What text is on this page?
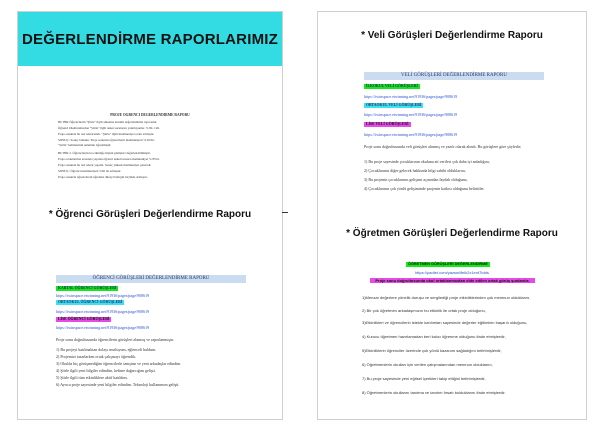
DEĞERLENDİRME RAPORLARIMIZ
PROJE ÖĞRENCİ DEĞERLENDİRME RAPORU
BU BİR Öğrencilerin "Şiirle" ilgili anketine katılım değerlendirme raporudur.
Öğrenci Okullarımızdan "Şiirle" ilgili anket sorularını yanıtlayanlar. % 82,1 idi.
Proje sonunda bu test tekrarlandı. "Şiirle" ilgili memnuniyet oranı artmıştır.
SONUÇ: Sonuç bulunur. Proje sonunda öğrencilerin memnuniyeti % 92'dir.
"Şiirle" kelimesinin anlamını öğrenmiştir.
BU BİR 2. Öğrencilerin bu etkinliğe ilişkin görüşleri değerlendirilmiştir.
Proje ortaklarımız arasında yapılan öğrenci anketi sonucu memnuniyet % 85'tir.
Proje sonunda bu test tekrar yapıldı. Sonuç yüksek memnuniyet gösterdi.
SONUÇ: Öğrenci memnuniyeti %92 ile artmıştır.
Proje sonunda öğrencilerin öğrenme düzeyi belirgin biçimde artmıştır.
* Öğrenci Görüşleri Değerlendirme Raporu
ÖĞRENCİ GÖRÜŞLERİ DEĞERLENDİRME RAPORU
KARTAL ÖĞRENCİ GÖRÜŞLERİ
https://twinspace.etwinning.net/91936/pages/page/908619
ORTAOKUL ÖĞRENCİ GÖRÜŞLERİ
https://twinspace.etwinning.net/91936/pages/page/908619
LİSE ÖĞRENCİ GÖRÜŞLERİ
https://twinspace.etwinning.net/91936/pages/page/908619
Proje sonu doğrultusunda öğrencilerin görüşleri alınmış ve raporlanmıştır.
1) Bu projeyi katılmaktan dolayı mutluyum, eğlenceli buldum.
2) Projemizi tasarlarken ortak çalışmayı öğrendik.
3) Okulda hiç görüşmediğim öğrencilerle tanıştım ve yeni arkadaşlar edindim.
4) Şiirle ilgili yeni bilgiler edindim, kelime dağarcığım gelişti.
5) Şiirle ilgili tüm etkinliklere aktif katıldım.
6) Ayrıca proje sayesinde yeni bilgiler edindim. Teknoloji kullanımım gelişti.
* Veli Görüşleri Değerlendirme Raporu
VELİ GÖRÜŞLERİ DEĞERLENDİRME RAPORU
İLKOKUL VELİ GÖRÜŞLERİ
https://twinspace.etwinning.net/91936/pages/page/908619
ORTAOKUL VELİ GÖRÜŞLERİ
https://twinspace.etwinning.net/91936/pages/page/908619
LİSE VELİ GÖRÜŞLERİ
https://twinspace.etwinning.net/91936/pages/page/908619
Proje sonu doğrultusunda veli görüşleri alınmış ve yazılı olarak alındı. Bu görüşlere göre şöyledir;
1) Bu proje sayesinde çocuklarının okuluna ait verileri çok daha iyi anladığını,
2) Çocuklarının diğer gelecek hakkında bilgi sahibi olduklarını,
3) Bu projenin çocuklarının gelişimi açısından faydalı olduğunu,
4) Çocuklarının çok yönlü gelişiminde projenin katkısı olduğunu belirttiler.
* Öğretmen Görüşleri Değerlendirme Raporu
ÖĞRETMEN GÖRÜŞLERİ DEĞERLENDİRME
https://padlet.com/yazsw/lfelk2x1ent7tdds
Proje sonu doğrultusunda okul ortaklarımızdan elde edilen ortak görüş şunlardır;
1)Menzar değerlere yönelik duruşu ve sergilediği proje etkinliklerinden çok memnun olduklarını,
2) Bir çok öğretmen arkadaşımızın bu etkinlik ile ortak proje olduğunu,
3)Etkinlikleri ve öğrencilerin istekle katılımları sayesinde değerler eğitiminin başarılı olduğunu,
4) Kurucu öğretmen hazırlamadan beri kalıcı öğrenme olduğunu ifade etmişlerdir,
5)Etkinliklerin öğrenciler üzerinde çok yönlü kazanım sağladığını belirtmişlerdir,
6) Öğretmenlerin okulları için verilen çalışmalarından memnun olduklarını,
7) Bu proje sayesinde yeni eğitsel içerikleri takip ettiğini belirtmişlerdir,
8) Öğretmenlerin okullarını tanıtma ve tanıtım fırsatı bulduklarını ifade etmişlerdir.
